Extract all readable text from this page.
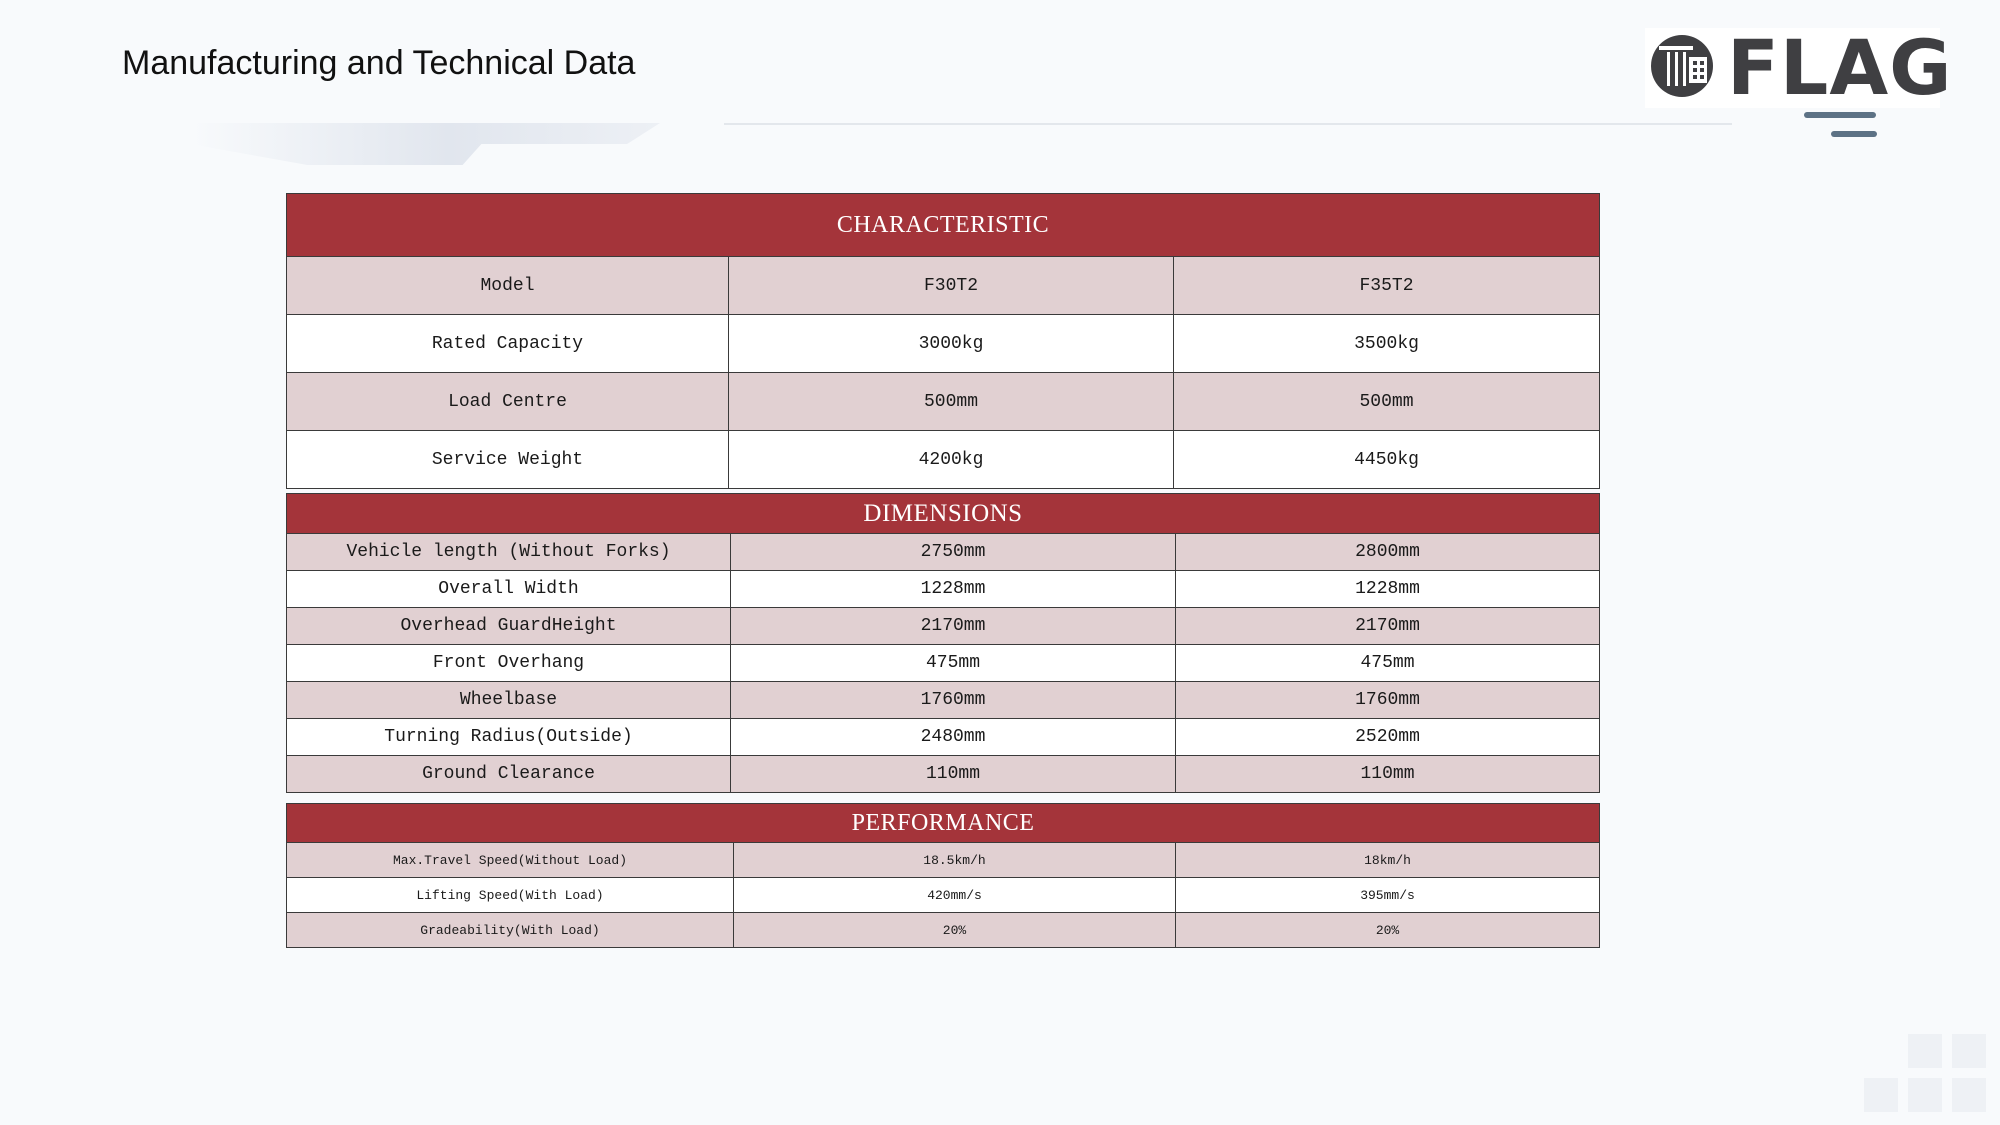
Manufacturing and Technical Data	FLAG
CHARACTERISTIC		
Model	F30T2	F35T2
Rated Capacity	3000kg	3500kg
Load Centre	500mm	500mm
Service Weight	4200kg	4450kg
DIMENSIONS		
Vehicle length (Without Forks)	2750mm	2800mm
Overall Width	1228mm	1228mm
Overhead GuardHeight	2170mm	2170mm
Front Overhang	475mm	475mm
Wheelbase	1760mm	1760mm
Turning Radius(Outside)	2480mm	2520mm
Ground Clearance	110mm	110mm
PERFORMANCE		
Max.Travel Speed(Without Load)	18.5km/h	18km/h
Lifting Speed(With Load)	420mm/s	395mm/s
Gradeability(With Load)	20%	20%
